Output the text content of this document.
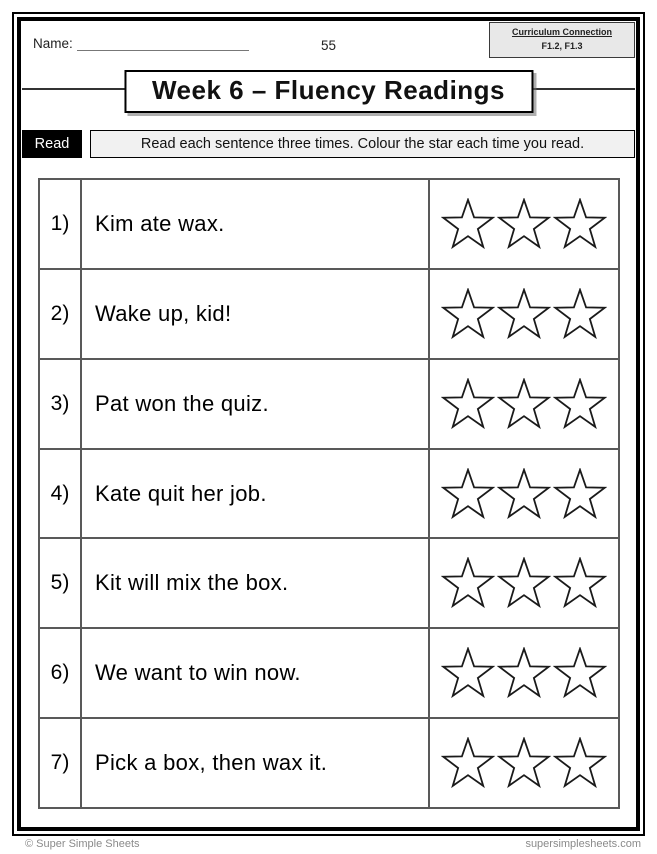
Name:	55
Curriculum Connection
F1.2, F1.3
Week 6 – Fluency Readings
Read	Read each sentence three times. Colour the star each time you read.
1)	Kim ate wax.
2)	Wake up, kid!
3)	Pat won the quiz.
4)	Kate quit her job.
5)	Kit will mix the box.
6)	We want to win now.
7)	Pick a box, then wax it.
© Super Simple Sheets	supersimplesheets.com
